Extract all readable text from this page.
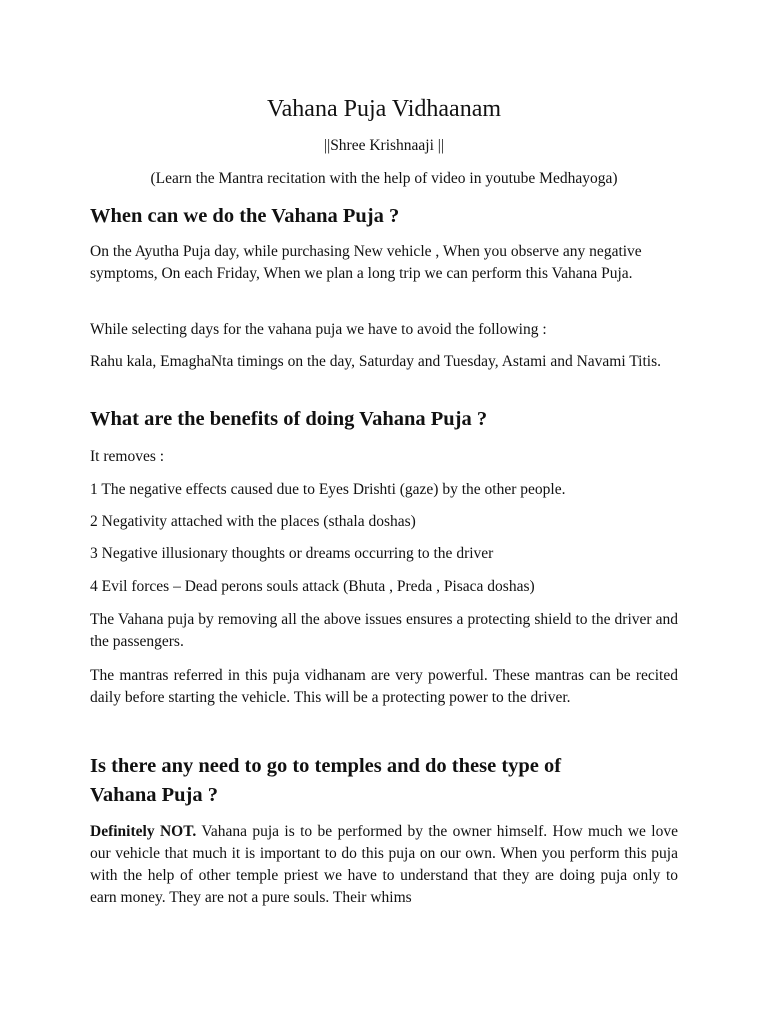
Vahana Puja Vidhaanam
||Shree Krishnaaji ||
(Learn the Mantra recitation with the help of video in youtube Medhayoga)
When can we do the Vahana Puja ?

On the Ayutha Puja day, while purchasing New vehicle , When you observe any negative symptoms, On each Friday, When we plan a long trip we can perform this Vahana Puja.

While selecting days for the vahana puja we have to avoid the following :

Rahu kala, EmaghaNta timings on the day, Saturday and Tuesday, Astami and Navami Titis.

What are the benefits of doing Vahana Puja ?

It removes :

1 The negative effects caused due to Eyes Drishti (gaze) by the other people.

2 Negativity attached with the places (sthala doshas)

3 Negative illusionary thoughts or dreams occurring to the driver

4 Evil forces – Dead perons souls attack (Bhuta , Preda , Pisaca doshas)

The Vahana puja by removing all the above issues ensures a protecting shield to the driver and the passengers.

The mantras referred in this puja vidhanam are very powerful. These mantras can be recited daily before starting the vehicle. This will be a protecting power to the driver.

Is there any need to go to temples and do these type of
Vahana Puja ?

Definitely NOT. Vahana puja is to be performed by the owner himself. How much we love our vehicle that much it is important to do this puja on our own. When you perform this puja with the help of other temple priest we have to understand that they are doing puja only to earn money. They are not a pure souls. Their whims
